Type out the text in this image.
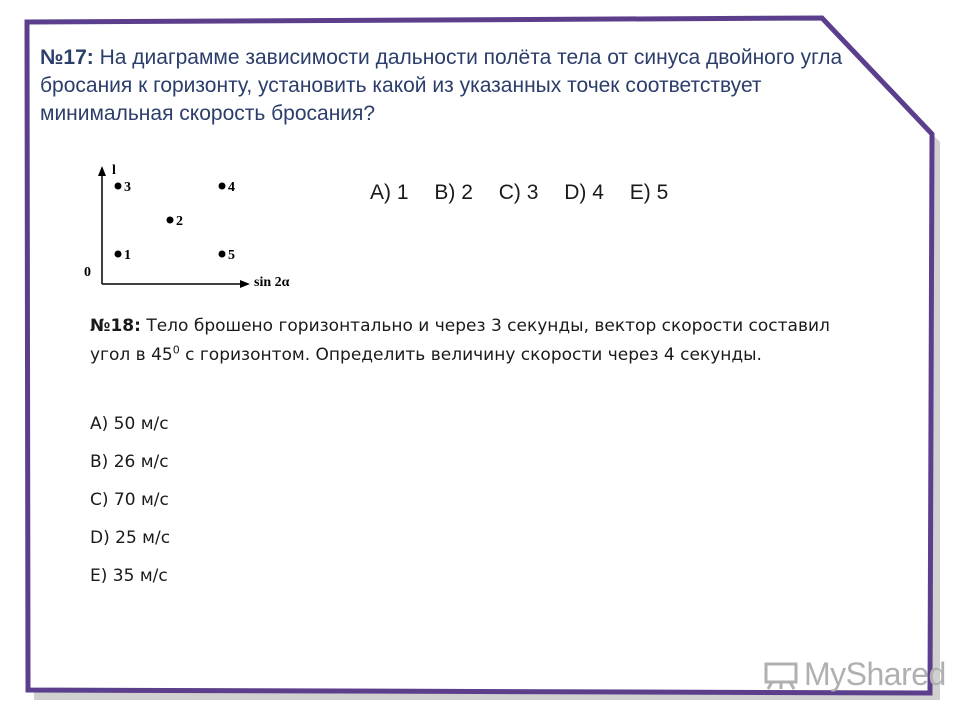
№17: На диаграмме зависимости дальности полёта тела от синуса двойного угла бросания к горизонту, установить какой из указанных точек соответствует минимальная скорость бросания?
l
sin 2α
0
3	4
2
1	5
A) 1 B) 2 C) 3 D) 4 E) 5
№18: Тело брошено горизонтально и через 3 секунды, вектор скорости составил угол в $45^0$ с горизонтом. Определить величину скорости через 4 секунды.
A) 50 м/с
B) 26 м/с
C) 70 м/с
D) 25 м/с
E) 35 м/с
MyShared
